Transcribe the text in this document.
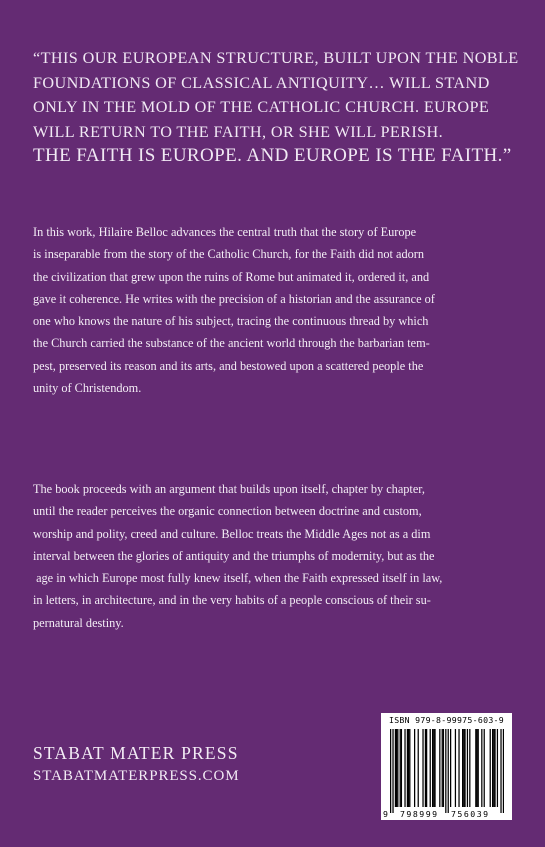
“THIS OUR EUROPEAN STRUCTURE, BUILT UPON THE NOBLE
FOUNDATIONS OF CLASSICAL ANTIQUITY… WILL STAND
ONLY IN THE MOLD OF THE CATHOLIC CHURCH. EUROPE
WILL RETURN TO THE FAITH, OR SHE WILL PERISH.
THE FAITH IS EUROPE. AND EUROPE IS THE FAITH.”
In this work, Hilaire Belloc advances the central truth that the story of Europe
is inseparable from the story of the Catholic Church, for the Faith did not adorn
the civilization that grew upon the ruins of Rome but animated it, ordered it, and
gave it coherence. He writes with the precision of a historian and the assurance of
one who knows the nature of his subject, tracing the continuous thread by which
the Church carried the substance of the ancient world through the barbarian tem-
pest, preserved its reason and its arts, and bestowed upon a scattered people the
unity of Christendom.
The book proceeds with an argument that builds upon itself, chapter by chapter,
until the reader perceives the organic connection between doctrine and custom,
worship and polity, creed and culture. Belloc treats the Middle Ages not as a dim
interval between the glories of antiquity and the triumphs of modernity, but as the
age in which Europe most fully knew itself, when the Faith expressed itself in law,
in letters, in architecture, and in the very habits of a people conscious of their su-
pernatural destiny.
STABAT MATER PRESS
STABATMATERPRESS.COM
ISBN 979-8-99975-603-9
9 798999 756039
